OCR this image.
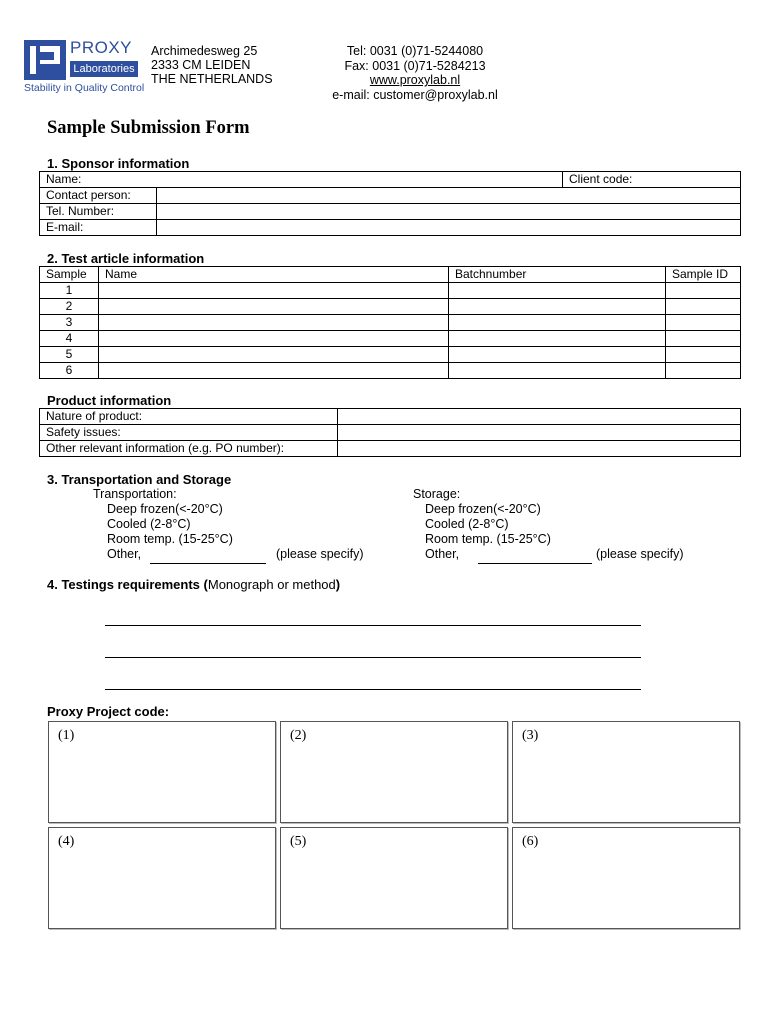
PROXY
Laboratories
Stability in Quality Control
Archimedesweg 25
2333 CM LEIDEN
THE NETHERLANDS
Tel: 0031 (0)71-5244080
Fax: 0031 (0)71-5284213
www.proxylab.nl
e-mail: customer@proxylab.nl
Sample Submission Form
1. Sponsor information
Name:		Client code:
Contact person:		
Tel. Number:		
E-mail:		
2. Test article information
Sample	Name	Batchnumber	Sample ID
1			
2			
3			
4			
5			
6			
Product information
Nature of product:	
Safety issues:	
Other relevant information (e.g. PO number):	
3. Transportation and Storage
Transportation:
Deep frozen(<-20°C)
Cooled (2-8°C)
Room temp. (15-25°C)
Other,	(please specify)
Storage:
Deep frozen(<-20°C)
Cooled (2-8°C)
Room temp. (15-25°C)
Other,	(please specify)
4. Testings requirements (Monograph or method)
Proxy Project code:
(1)	(2)	(3)
(4)	(5)	(6)
